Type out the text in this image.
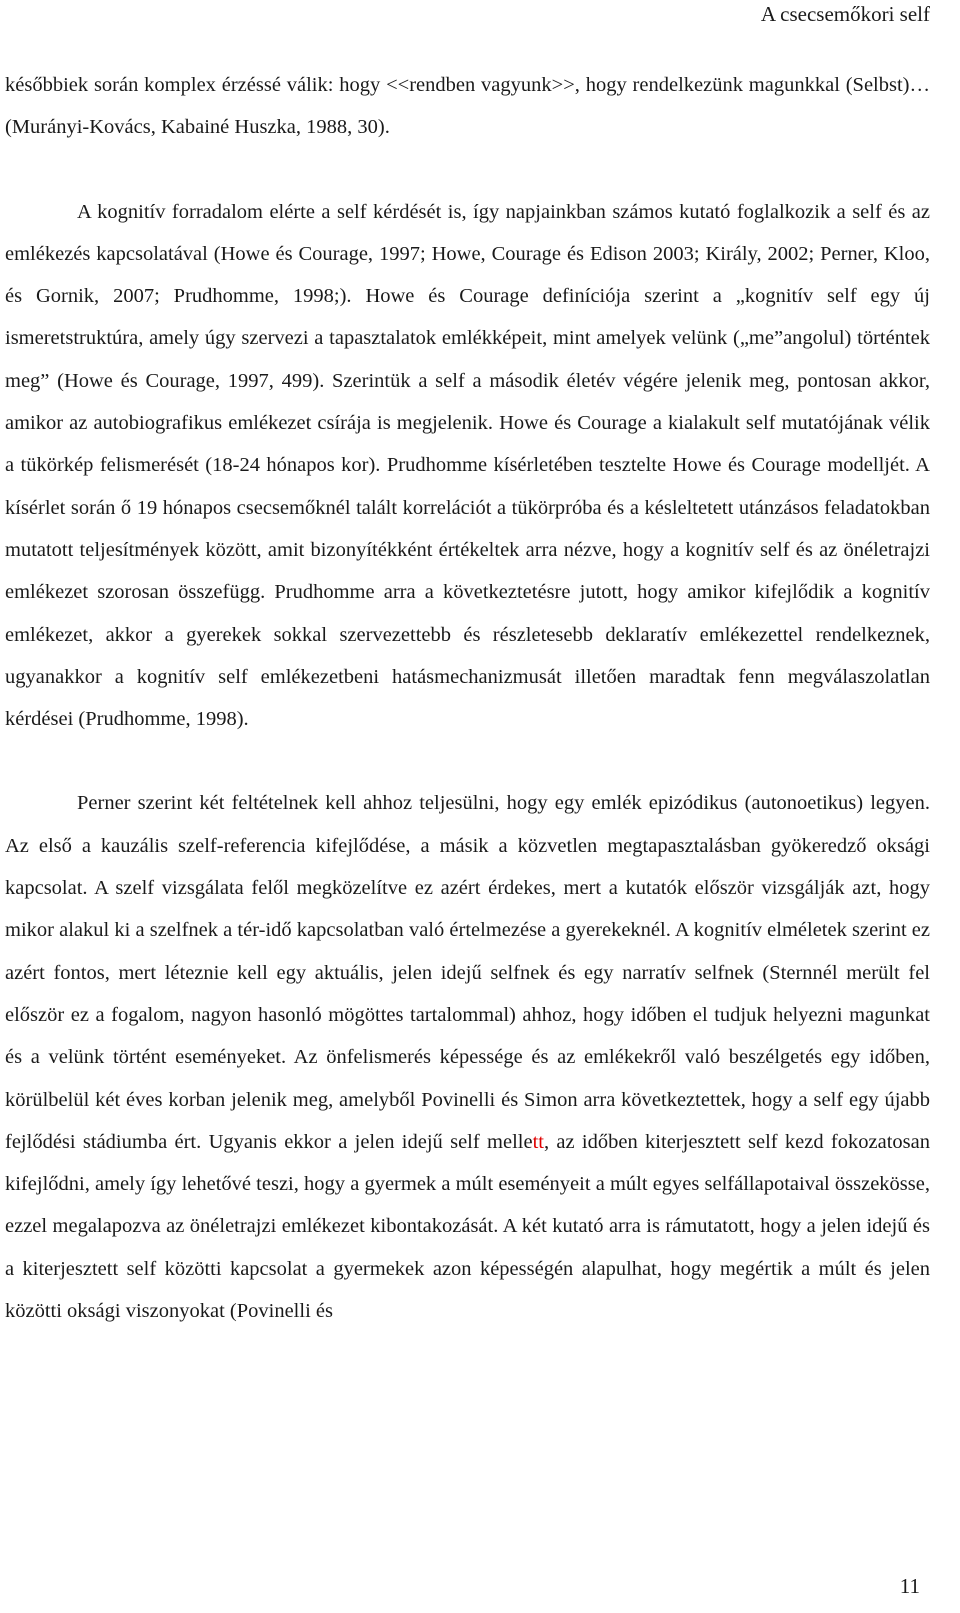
A csecsemőkori self

későbbiek során komplex érzéssé válik: hogy <<rendben vagyunk>>, hogy rendelkezünk magunkkal (Selbst)… (Murányi-Kovács, Kabainé Huszka, 1988, 30).

A kognitív forradalom elérte a self kérdését is, így napjainkban számos kutató foglalkozik a self és az emlékezés kapcsolatával (Howe és Courage, 1997; Howe, Courage és Edison 2003; Király, 2002; Perner, Kloo, és Gornik, 2007; Prudhomme, 1998;). Howe és Courage definíciója szerint a „kognitív self egy új ismeretstruktúra, amely úgy szervezi a tapasztalatok emlékképeit, mint amelyek velünk („me”angolul) történtek meg” (Howe és Courage, 1997, 499). Szerintük a self a második életév végére jelenik meg, pontosan akkor, amikor az autobiografikus emlékezet csírája is megjelenik. Howe és Courage a kialakult self mutatójának vélik a tükörkép felismerését (18-24 hónapos kor). Prudhomme kísérletében tesztelte Howe és Courage modelljét. A kísérlet során ő 19 hónapos csecsemőknél talált korrelációt a tükörpróba és a késleltetett utánzásos feladatokban mutatott teljesítmények között, amit bizonyítékként értékeltek arra nézve, hogy a kognitív self és az önéletrajzi emlékezet szorosan összefügg. Prudhomme arra a következtetésre jutott, hogy amikor kifejlődik a kognitív emlékezet, akkor a gyerekek sokkal szervezettebb és részletesebb deklaratív emlékezettel rendelkeznek, ugyanakkor a kognitív self emlékezetbeni hatásmechanizmusát illetően maradtak fenn megválaszolatlan kérdései (Prudhomme, 1998).

Perner szerint két feltételnek kell ahhoz teljesülni, hogy egy emlék epizódikus (autonoetikus) legyen. Az első a kauzális szelf-referencia kifejlődése, a másik a közvetlen megtapasztalásban gyökeredző oksági kapcsolat. A szelf vizsgálata felől megközelítve ez azért érdekes, mert a kutatók először vizsgálják azt, hogy mikor alakul ki a szelfnek a tér-idő kapcsolatban való értelmezése a gyerekeknél. A kognitív elméletek szerint ez azért fontos, mert léteznie kell egy aktuális, jelen idejű selfnek és egy narratív selfnek (Sternnél merült fel először ez a fogalom, nagyon hasonló mögöttes tartalommal) ahhoz, hogy időben el tudjuk helyezni magunkat és a velünk történt eseményeket. Az önfelismerés képessége és az emlékekről való beszélgetés egy időben, körülbelül két éves korban jelenik meg, amelyből Povinelli és Simon arra következtettek, hogy a self egy újabb fejlődési stádiumba ért. Ugyanis ekkor a jelen idejű self mellett, az időben kiterjesztett self kezd fokozatosan kifejlődni, amely így lehetővé teszi, hogy a gyermek a múlt eseményeit a múlt egyes selfállapotaival összekösse, ezzel megalapozva az önéletrajzi emlékezet kibontakozását. A két kutató arra is rámutatott, hogy a jelen idejű és a kiterjesztett self közötti kapcsolat a gyermekek azon képességén alapulhat, hogy megértik a múlt és jelen közötti oksági viszonyokat (Povinelli és

11
